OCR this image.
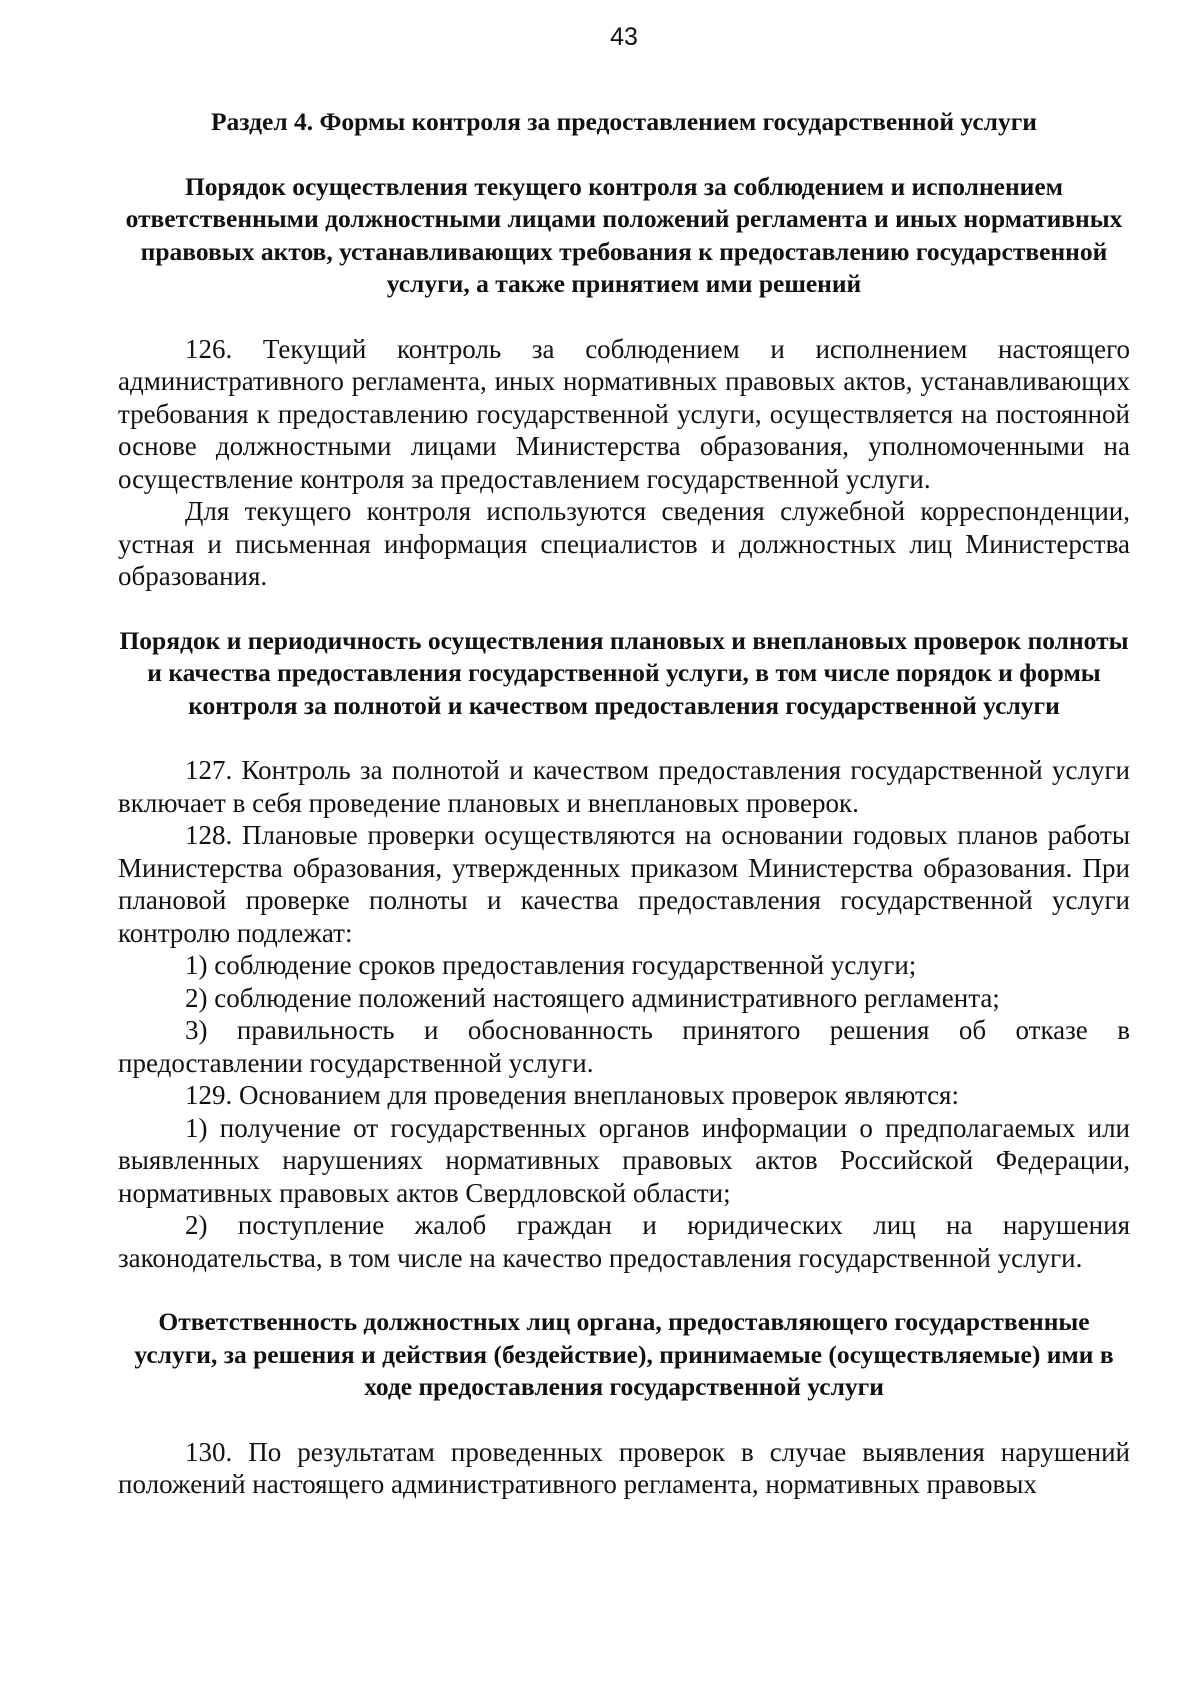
43
Раздел 4. Формы контроля за предоставлением государственной услуги
Порядок осуществления текущего контроля за соблюдением и исполнением ответственными должностными лицами положений регламента и иных нормативных правовых актов, устанавливающих требования к предоставлению государственной услуги, а также принятием ими решений

126. Текущий контроль за соблюдением и исполнением настоящего административного регламента, иных нормативных правовых актов, устанавливающих требования к предоставлению государственной услуги, осуществляется на постоянной основе должностными лицами Министерства образования, уполномоченными на осуществление контроля за предоставлением государственной услуги.

Для текущего контроля используются сведения служебной корреспонденции, устная и письменная информация специалистов и должностных лиц Министерства образования.

Порядок и периодичность осуществления плановых и внеплановых проверок полноты и качества предоставления государственной услуги, в том числе порядок и формы контроля за полнотой и качеством предоставления государственной услуги

127. Контроль за полнотой и качеством предоставления государственной услуги включает в себя проведение плановых и внеплановых проверок.

128. Плановые проверки осуществляются на основании годовых планов работы Министерства образования, утвержденных приказом Министерства образования. При плановой проверке полноты и качества предоставления государственной услуги контролю подлежат:

1) соблюдение сроков предоставления государственной услуги;

2) соблюдение положений настоящего административного регламента;

3) правильность и обоснованность принятого решения об отказе в предоставлении государственной услуги.

129. Основанием для проведения внеплановых проверок являются:

1) получение от государственных органов информации о предполагаемых или выявленных нарушениях нормативных правовых актов Российской Федерации, нормативных правовых актов Свердловской области;

2) поступление жалоб граждан и юридических лиц на нарушения законодательства, в том числе на качество предоставления государственной услуги.

Ответственность должностных лиц органа, предоставляющего государственные услуги, за решения и действия (бездействие), принимаемые (осуществляемые) ими в ходе предоставления государственной услуги

130. По результатам проведенных проверок в случае выявления нарушений положений настоящего административного регламента, нормативных правовых
